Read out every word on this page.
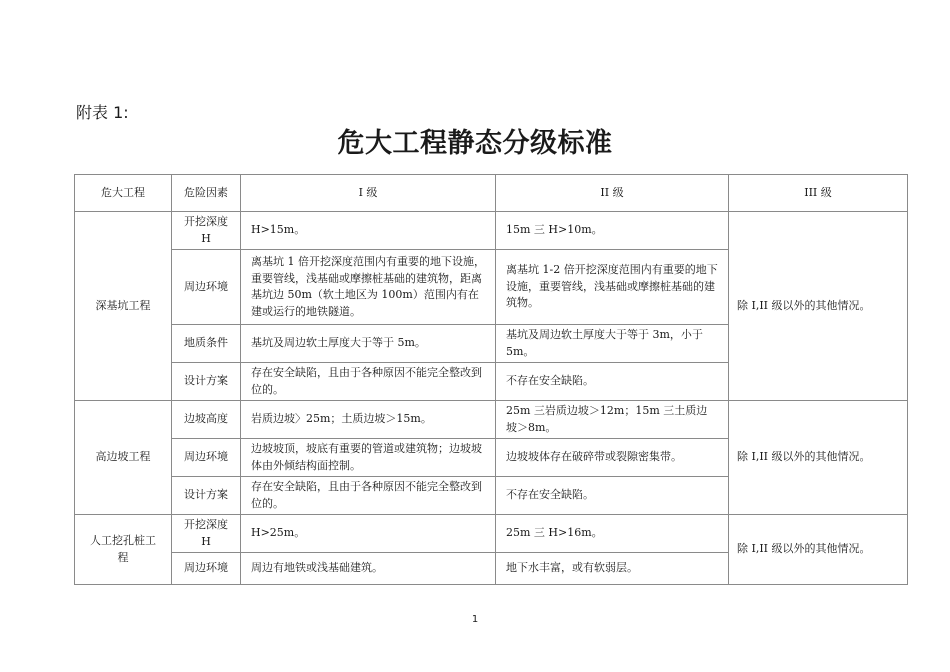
附表 1:
危大工程静态分级标准
危大工程	危险因素	I 级	II 级	III 级
深基坑工程	开挖深度 H	H>15m。	15m 三 H>10m。	除 I,II 级以外的其他情况。
	周边环境	离基坑 1 倍开挖深度范围内有重要的地下设施，重要管线，浅基础或摩擦桩基础的建筑物，距离基坑边 50m（软土地区为 100m）范围内有在建或运行的地铁隧道。	离基坑 1-2 倍开挖深度范围内有重要的地下设施，重要管线，浅基础或摩擦桩基础的建筑物。	
	地质条件	基坑及周边软土厚度大于等于 5m。	基坑及周边软土厚度大于等于 3m，小于 5m。	
	设计方案	存在安全缺陷，且由于各种原因不能完全整改到位的。	不存在安全缺陷。	
高边坡工程	边坡高度	岩质边坡〉25m；土质边坡＞15m。	25m 三岩质边坡＞12m；15m 三土质边坡＞8m。	除 I,II 级以外的其他情况。
	周边环境	边坡坡顶，坡底有重要的管道或建筑物；边坡坡体由外倾结构面控制。	边坡坡体存在破碎带或裂隙密集带。	
	设计方案	存在安全缺陷，且由于各种原因不能完全整改到位的。	不存在安全缺陷。	
人工挖孔桩工程	开挖深度 H	H>25m。	25m 三 H>16m。	除 I,II 级以外的其他情况。
	周边环境	周边有地铁或浅基础建筑。	地下水丰富，或有软弱层。	
1
